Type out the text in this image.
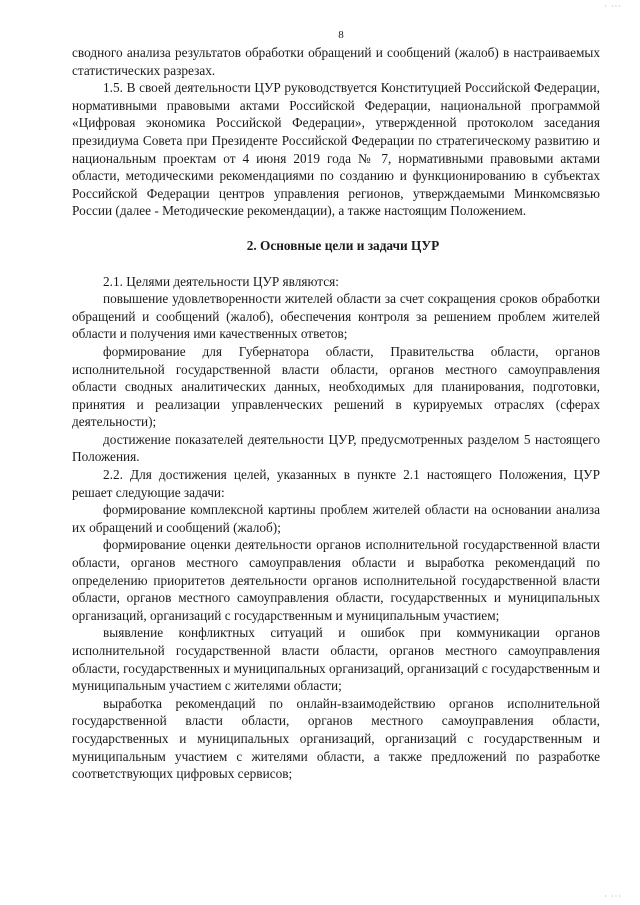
· ···
8

сводного анализа результатов обработки обращений и сообщений (жалоб) в настраиваемых статистических разрезах.

1.5. В своей деятельности ЦУР руководствуется Конституцией Российской Федерации, нормативными правовыми актами Российской Федерации, национальной программой «Цифровая экономика Российской Федерации», утвержденной протоколом заседания президиума Совета при Президенте Российской Федерации по стратегическому развитию и национальным проектам от 4 июня 2019 года № 7, нормативными правовыми актами области, методическими рекомендациями по созданию и функционированию в субъектах Российской Федерации центров управления регионов, утверждаемыми Минкомсвязью России (далее - Методические рекомендации), а также настоящим Положением.

2. Основные цели и задачи ЦУР

2.1. Целями деятельности ЦУР являются:

повышение удовлетворенности жителей области за счет сокращения сроков обработки обращений и сообщений (жалоб), обеспечения контроля за решением проблем жителей области и получения ими качественных ответов;

формирование для Губернатора области, Правительства области, органов исполнительной государственной власти области, органов местного самоуправления области сводных аналитических данных, необходимых для планирования, подготовки, принятия и реализации управленческих решений в курируемых отраслях (сферах деятельности);

достижение показателей деятельности ЦУР, предусмотренных разделом 5 настоящего Положения.

2.2. Для достижения целей, указанных в пункте 2.1 настоящего Положения, ЦУР решает следующие задачи:

формирование комплексной картины проблем жителей области на основании анализа их обращений и сообщений (жалоб);

формирование оценки деятельности органов исполнительной государственной власти области, органов местного самоуправления области и выработка рекомендаций по определению приоритетов деятельности органов исполнительной государственной власти области, органов местного самоуправления области, государственных и муниципальных организаций, организаций с государственным и муниципальным участием;

выявление конфликтных ситуаций и ошибок при коммуникации органов исполнительной государственной власти области, органов местного самоуправления области, государственных и муниципальных организаций, организаций с государственным и муниципальным участием с жителями области;

выработка рекомендаций по онлайн-взаимодействию органов исполнительной государственной власти области, органов местного самоуправления области, государственных и муниципальных организаций, организаций с государственным и муниципальным участием с жителями области, а также предложений по разработке соответствующих цифровых сервисов;

· ···
